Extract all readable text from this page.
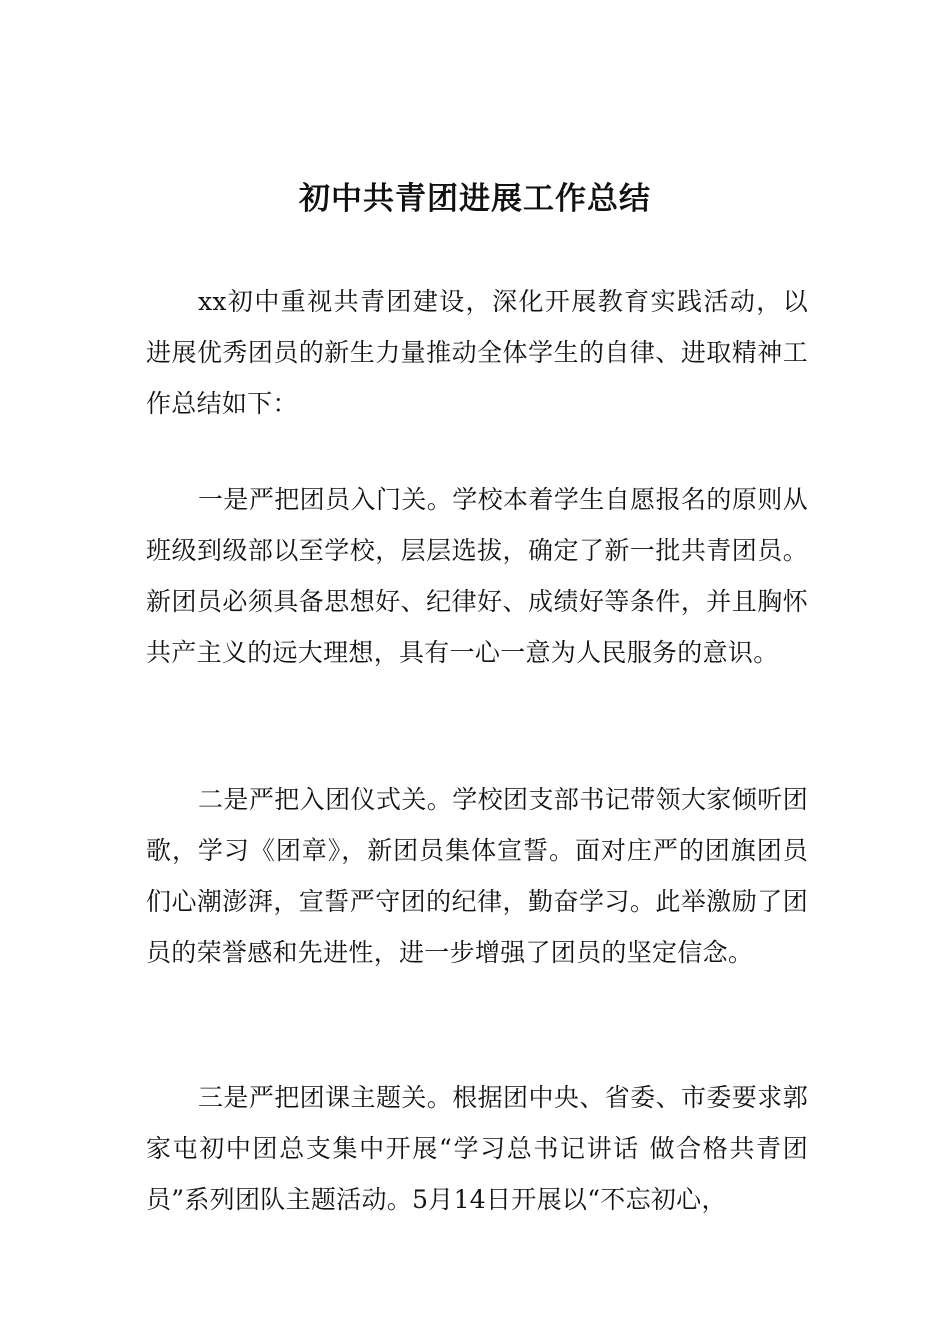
初中共青团进展工作总结

xx初中重视共青团建设，深化开展教育实践活动，以进展优秀团员的新生力量推动全体学生的自律、进取精神工作总结如下：

一是严把团员入门关。学校本着学生自愿报名的原则从班级到级部以至学校，层层选拔，确定了新一批共青团员。新团员必须具备思想好、纪律好、成绩好等条件，并且胸怀共产主义的远大理想，具有一心一意为人民服务的意识。

二是严把入团仪式关。学校团支部书记带领大家倾听团歌，学习《团章》，新团员集体宣誓。面对庄严的团旗团员们心潮澎湃，宣誓严守团的纪律，勤奋学习。此举激励了团员的荣誉感和先进性，进一步增强了团员的坚定信念。

三是严把团课主题关。根据团中央、省委、市委要求郭家屯初中团总支集中开展“学习总书记讲话 做合格共青团员”系列团队主题活动。5月14日开展以“不忘初心，
